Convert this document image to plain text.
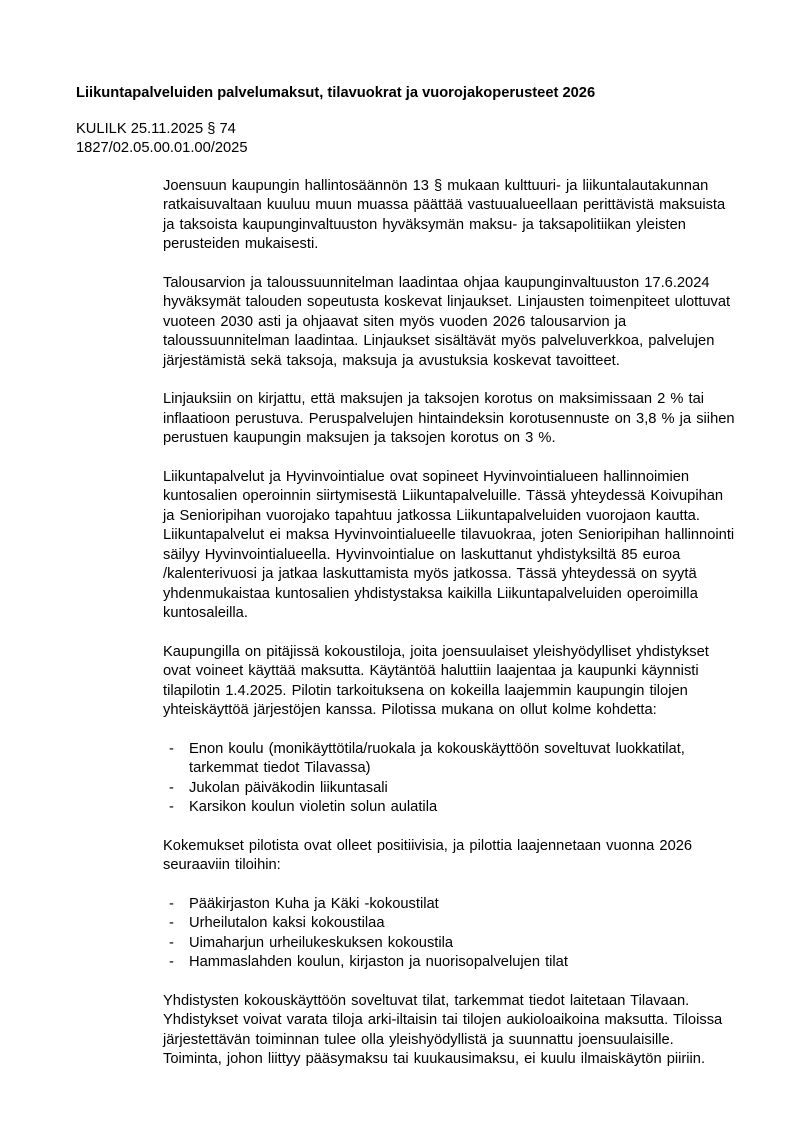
Liikuntapalveluiden palvelumaksut, tilavuokrat ja vuorojakoperusteet 2026
KULILK 25.11.2025 § 74
1827/02.05.00.01.00/2025

Joensuun kaupungin hallintosäännön 13 § mukaan kulttuuri- ja liikuntalautakunnan ratkaisuvaltaan kuuluu muun muassa päättää vastuualueellaan perittävistä maksuista ja taksoista kaupunginvaltuuston hyväksymän maksu- ja taksapolitiikan yleisten perusteiden mukaisesti.

Talousarvion ja taloussuunnitelman laadintaa ohjaa kaupunginvaltuuston 17.6.2024 hyväksymät talouden sopeutusta koskevat linjaukset. Linjausten toimenpiteet ulottuvat vuoteen 2030 asti ja ohjaavat siten myös vuoden 2026 talousarvion ja taloussuunnitelman laadintaa. Linjaukset sisältävät myös palveluverkkoa, palvelujen järjestämistä sekä taksoja, maksuja ja avustuksia koskevat tavoitteet.

Linjauksiin on kirjattu, että maksujen ja taksojen korotus on maksimissaan 2 % tai inflaatioon perustuva. Peruspalvelujen hintaindeksin korotusennuste on 3,8 % ja siihen perustuen kaupungin maksujen ja taksojen korotus on 3 %.

Liikuntapalvelut ja Hyvinvointialue ovat sopineet Hyvinvointialueen hallinnoimien kuntosalien operoinnin siirtymisestä Liikuntapalveluille. Tässä yhteydessä Koivupihan ja Senioripihan vuorojako tapahtuu jatkossa Liikuntapalveluiden vuorojaon kautta. Liikuntapalvelut ei maksa Hyvinvointialueelle tilavuokraa, joten Senioripihan hallinnointi säilyy Hyvinvointialueella. Hyvinvointialue on laskuttanut yhdistyksiltä 85 euroa /kalenterivuosi ja jatkaa laskuttamista myös jatkossa. Tässä yhteydessä on syytä yhdenmukaistaa kuntosalien yhdistystaksa kaikilla Liikuntapalveluiden operoimilla kuntosaleilla.

Kaupungilla on pitäjissä kokoustiloja, joita joensuulaiset yleishyödylliset yhdistykset ovat voineet käyttää maksutta. Käytäntöä haluttiin laajentaa ja kaupunki käynnisti tilapilotin 1.4.2025. Pilotin tarkoituksena on kokeilla laajemmin kaupungin tilojen yhteiskäyttöä järjestöjen kanssa. Pilotissa mukana on ollut kolme kohdetta:

-	Enon koulu (monikäyttötila/ruokala ja kokouskäyttöön soveltuvat luokkatilat, tarkemmat tiedot Tilavassa)
-	Jukolan päiväkodin liikuntasali
-	Karsikon koulun violetin solun aulatila

Kokemukset pilotista ovat olleet positiivisia, ja pilottia laajennetaan vuonna 2026 seuraaviin tiloihin:

-	Pääkirjaston Kuha ja Käki -kokoustilat
-	Urheilutalon kaksi kokoustilaa
-	Uimaharjun urheilukeskuksen kokoustila
-	Hammaslahden koulun, kirjaston ja nuorisopalvelujen tilat

Yhdistysten kokouskäyttöön soveltuvat tilat, tarkemmat tiedot laitetaan Tilavaan. Yhdistykset voivat varata tiloja arki-iltaisin tai tilojen aukioloaikoina maksutta. Tiloissa järjestettävän toiminnan tulee olla yleishyödyllistä ja suunnattu joensuulaisille. Toiminta, johon liittyy pääsymaksu tai kuukausimaksu, ei kuulu ilmaiskäytön piiriin.
